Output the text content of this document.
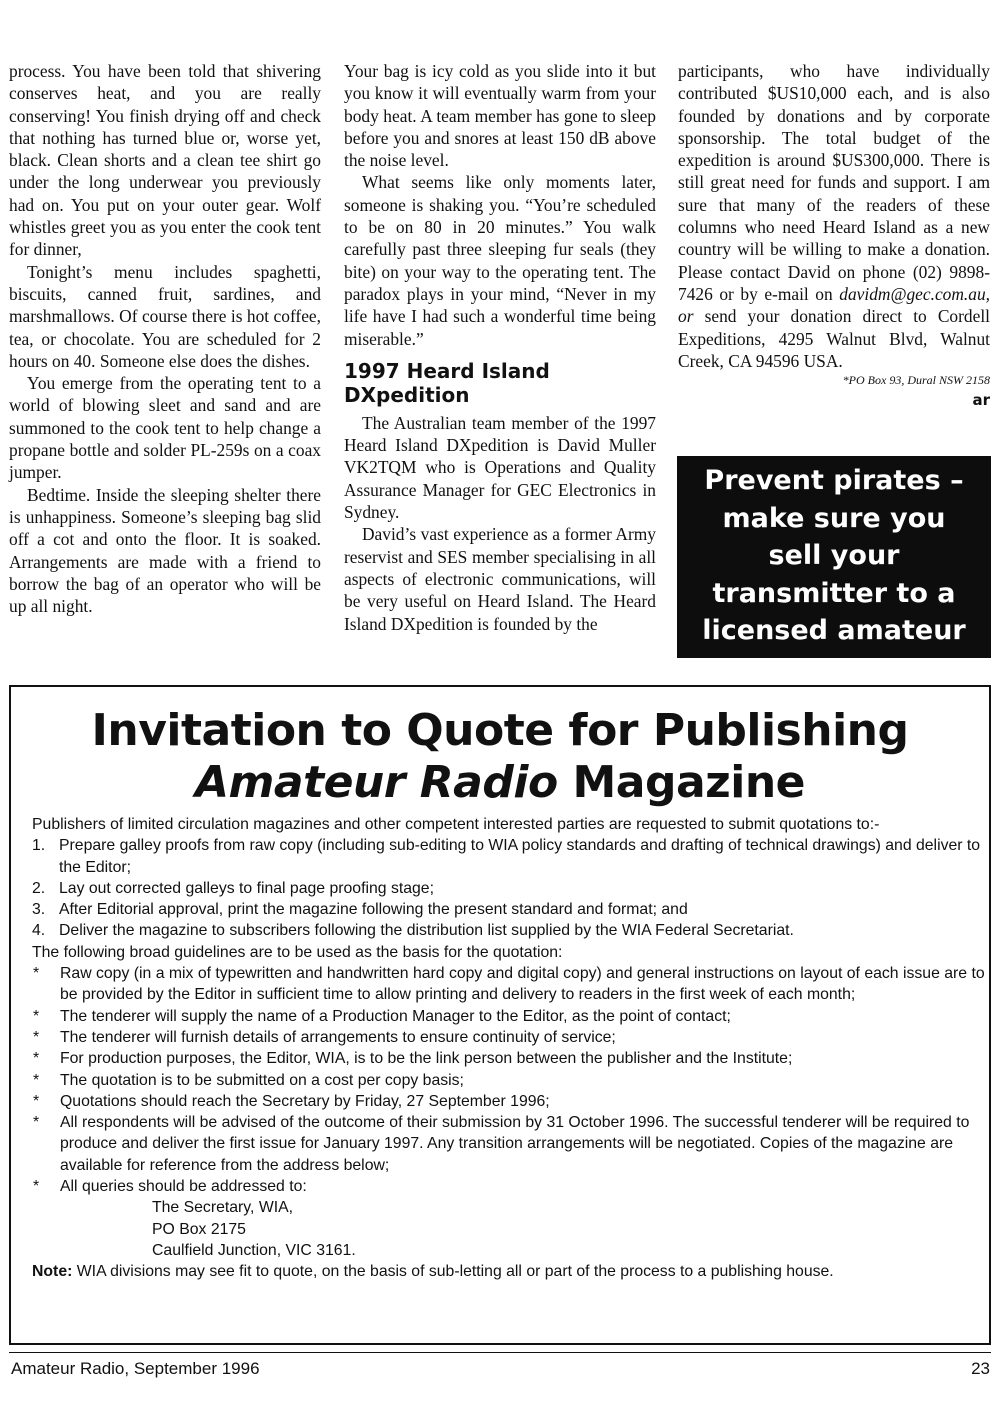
process. You have been told that shivering conserves heat, and you are really conserving! You finish drying off and check that nothing has turned blue or, worse yet, black. Clean shorts and a clean tee shirt go under the long underwear you previously had on. You put on your outer gear. Wolf whistles greet you as you enter the cook tent for dinner,

Tonight’s menu includes spaghetti, biscuits, canned fruit, sardines, and marshmallows. Of course there is hot coffee, tea, or chocolate. You are scheduled for 2 hours on 40. Someone else does the dishes.

You emerge from the operating tent to a world of blowing sleet and sand and are summoned to the cook tent to help change a propane bottle and solder PL-259s on a coax jumper.

Bedtime. Inside the sleeping shelter there is unhappiness. Someone’s sleeping bag slid off a cot and onto the floor. It is soaked. Arrangements are made with a friend to borrow the bag of an operator who will be up all night.

Your bag is icy cold as you slide into it but you know it will eventually warm from your body heat. A team member has gone to sleep before you and snores at least 150 dB above the noise level.

What seems like only moments later, someone is shaking you. “You’re scheduled to be on 80 in 20 minutes.” You walk carefully past three sleeping fur seals (they bite) on your way to the operating tent. The paradox plays in your mind, “Never in my life have I had such a wonderful time being miserable.”

1997 Heard Island
DXpedition

The Australian team member of the 1997 Heard Island DXpedition is David Muller VK2TQM who is Operations and Quality Assurance Manager for GEC Electronics in Sydney.

David’s vast experience as a former Army reservist and SES member specialising in all aspects of electronic communications, will be very useful on Heard Island. The Heard Island DXpedition is founded by the

participants, who have individually contributed $US10,000 each, and is also founded by donations and by corporate sponsorship. The total budget of the expedition is around $US300,000. There is still great need for funds and support. I am sure that many of the readers of these columns who need Heard Island as a new country will be willing to make a donation. Please contact David on phone (02) 9898-7426 or by e-mail on davidm@gec.com.au, or send your donation direct to Cordell Expeditions, 4295 Walnut Blvd, Walnut Creek, CA 94596 USA.

*PO Box 93, Dural NSW 2158
ar
Prevent pirates –
make sure you
sell your
transmitter to a
licensed amateur
Invitation to Quote for Publishing
Amateur Radio Magazine
Publishers of limited circulation magazines and other competent interested parties are requested to submit quotations to:-
1. Prepare galley proofs from raw copy (including sub-editing to WIA policy standards and drafting of technical drawings) and deliver to the Editor;
2. Lay out corrected galleys to final page proofing stage;
3. After Editorial approval, print the magazine following the present standard and format; and
4. Deliver the magazine to subscribers following the distribution list supplied by the WIA Federal Secretariat.
The following broad guidelines are to be used as the basis for the quotation:
*	Raw copy (in a mix of typewritten and handwritten hard copy and digital copy) and general instructions on layout of each issue are to be provided by the Editor in sufficient time to allow printing and delivery to readers in the first week of each month;
*	The tenderer will supply the name of a Production Manager to the Editor, as the point of contact;
*	The tenderer will furnish details of arrangements to ensure continuity of service;
*	For production purposes, the Editor, WIA, is to be the link person between the publisher and the Institute;
*	The quotation is to be submitted on a cost per copy basis;
*	Quotations should reach the Secretary by Friday, 27 September 1996;
*	All respondents will be advised of the outcome of their submission by 31 October 1996. The successful tenderer will be required to produce and deliver the first issue for January 1997. Any transition arrangements will be negotiated. Copies of the magazine are available for reference from the address below;
*	All queries should be addressed to:
The Secretary, WIA,
PO Box 2175
Caulfield Junction, VIC 3161.
Note: WIA divisions may see fit to quote, on the basis of sub-letting all or part of the process to a publishing house.
Amateur Radio, September 1996	23
